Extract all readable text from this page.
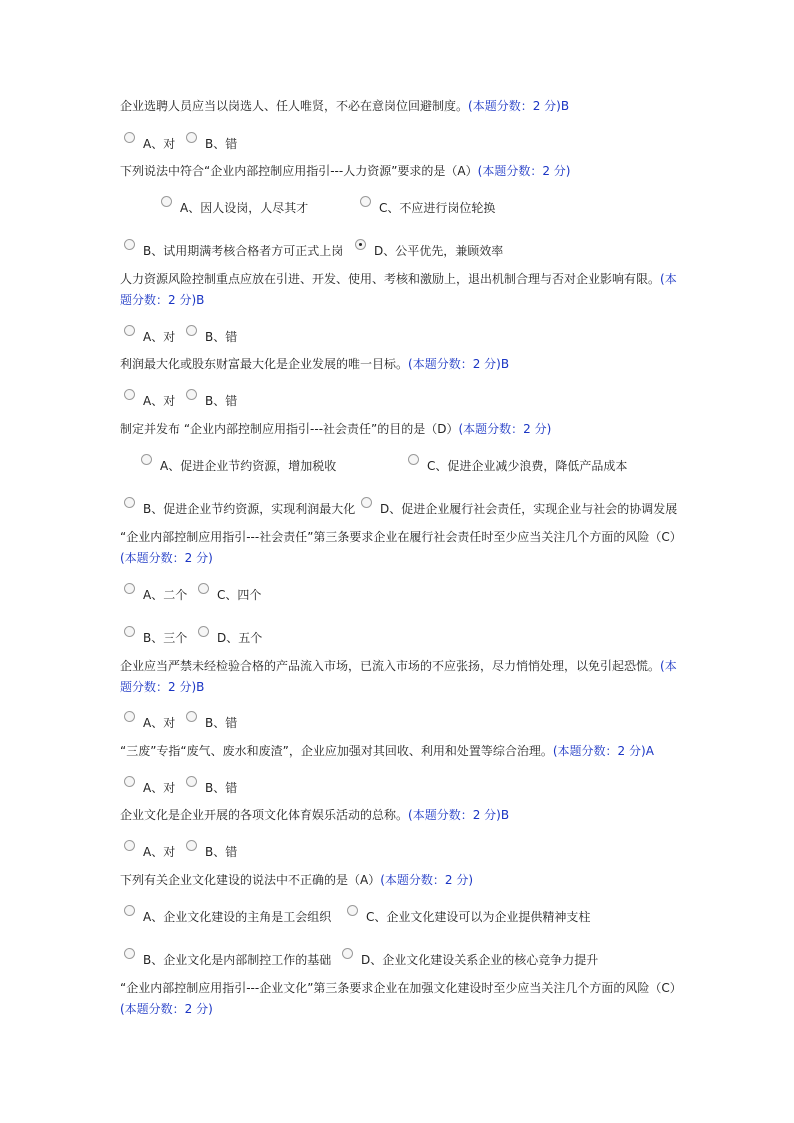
企业选聘人员应当以岗选人、任人唯贤，不必在意岗位回避制度。(本题分数：2 分)B
A、对 B、错
下列说法中符合“企业内部控制应用指引---人力资源”要求的是（A）(本题分数：2 分)
A、因人设岗，人尽其才	C、不应进行岗位轮换
B、试用期满考核合格者方可正式上岗	D、公平优先，兼顾效率
人力资源风险控制重点应放在引进、开发、使用、考核和激励上，退出机制合理与否对企业影响有限。(本题分数：2 分)B
A、对 B、错
利润最大化或股东财富最大化是企业发展的唯一目标。(本题分数：2 分)B
A、对 B、错
制定并发布 “企业内部控制应用指引---社会责任”的目的是（D）(本题分数：2 分)
A、促进企业节约资源，增加税收	C、促进企业减少浪费，降低产品成本
B、促进企业节约资源，实现利润最大化 D、促进企业履行社会责任，实现企业与社会的协调发展
“企业内部控制应用指引---社会责任”第三条要求企业在履行社会责任时至少应当关注几个方面的风险（C）(本题分数：2 分)
A、二个 C、四个
B、三个 D、五个
企业应当严禁未经检验合格的产品流入市场，已流入市场的不应张扬，尽力悄悄处理，以免引起恐慌。(本题分数：2 分)B
A、对 B、错
“三废”专指“废气、废水和废渣”，企业应加强对其回收、利用和处置等综合治理。(本题分数：2 分)A
A、对 B、错
企业文化是企业开展的各项文化体育娱乐活动的总称。(本题分数：2 分)B
A、对 B、错
下列有关企业文化建设的说法中不正确的是（A）(本题分数：2 分)
A、企业文化建设的主角是工会组织	C、企业文化建设可以为企业提供精神支柱
B、企业文化是内部制控工作的基础 D、企业文化建设关系企业的核心竞争力提升
“企业内部控制应用指引---企业文化”第三条要求企业在加强文化建设时至少应当关注几个方面的风险（C）(本题分数：2 分)
